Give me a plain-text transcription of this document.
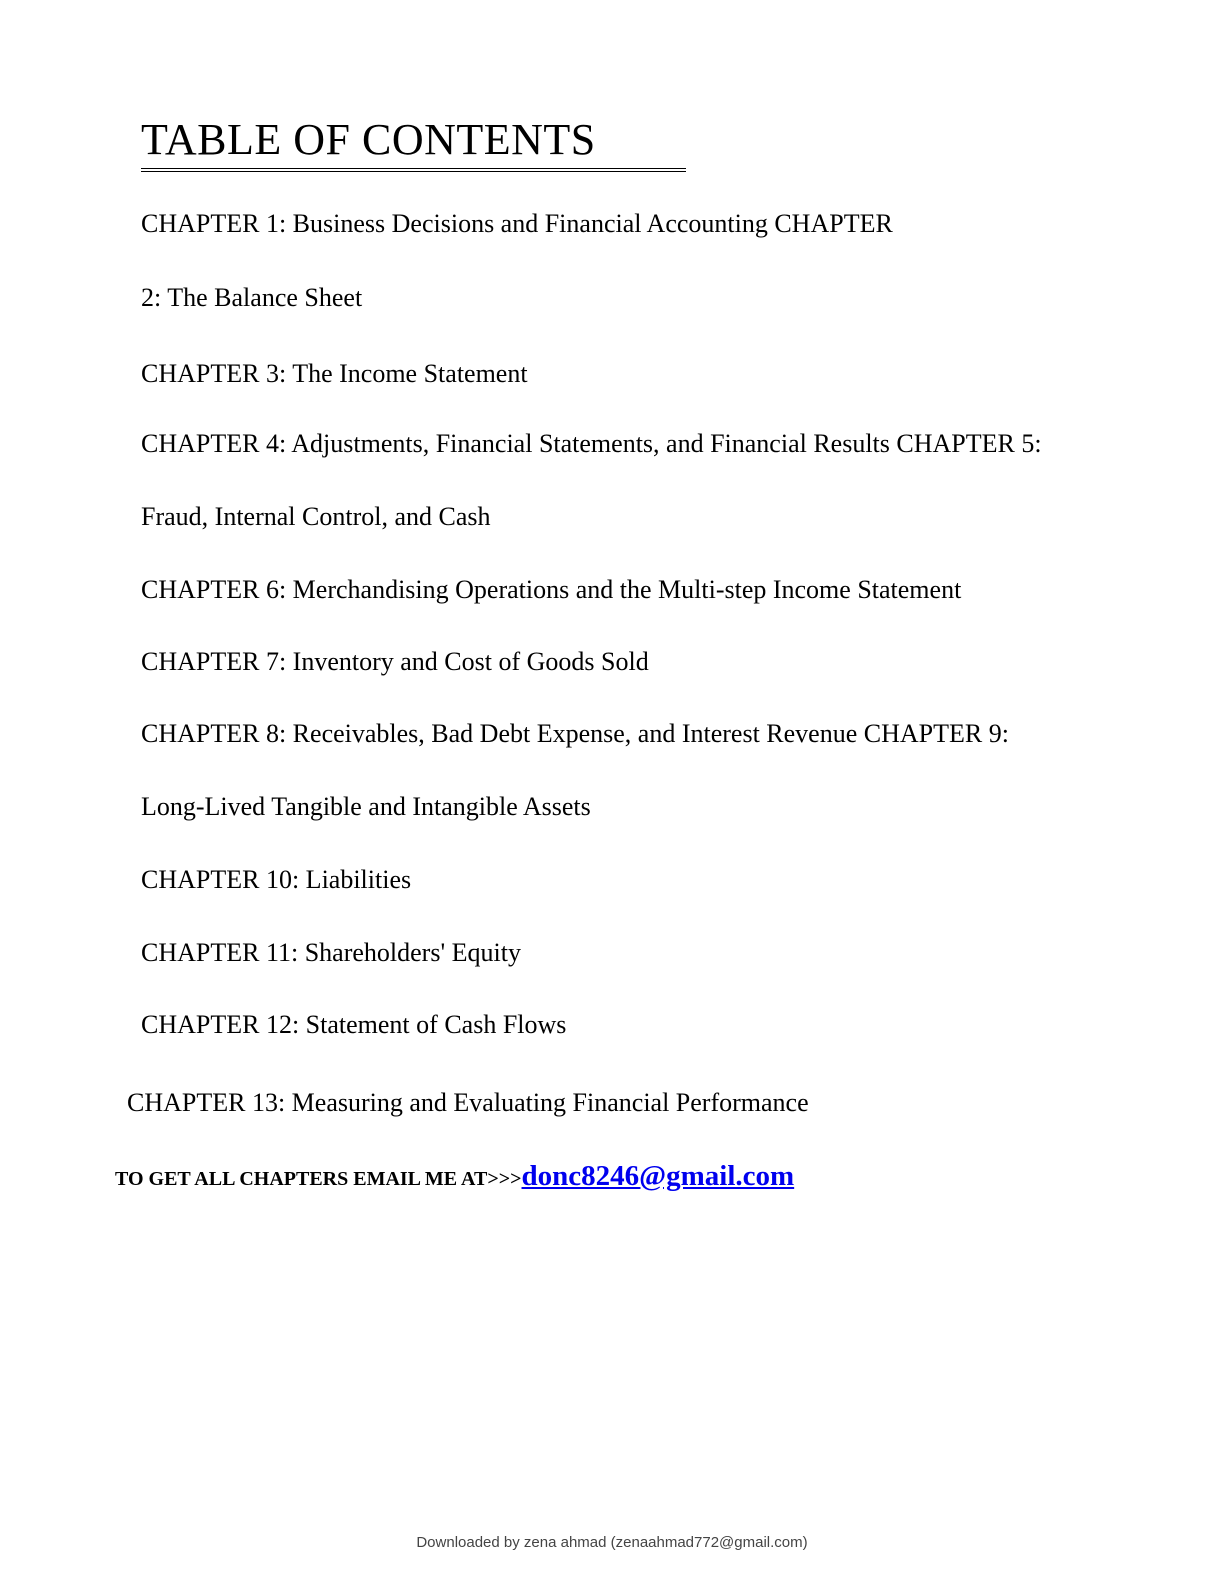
TABLE OF CONTENTS
CHAPTER 1: Business Decisions and Financial Accounting CHAPTER
2: The Balance Sheet
CHAPTER 3: The Income Statement
CHAPTER 4: Adjustments, Financial Statements, and Financial Results CHAPTER 5:
Fraud, Internal Control, and Cash
CHAPTER 6: Merchandising Operations and the Multi-step Income Statement
CHAPTER 7: Inventory and Cost of Goods Sold
CHAPTER 8: Receivables, Bad Debt Expense, and Interest Revenue CHAPTER 9:
Long-Lived Tangible and Intangible Assets
CHAPTER 10: Liabilities
CHAPTER 11: Shareholders' Equity
CHAPTER 12: Statement of Cash Flows
CHAPTER 13: Measuring and Evaluating Financial Performance
TO GET ALL CHAPTERS EMAIL ME AT>>>donc8246@gmail.com
Downloaded by zena ahmad (zenaahmad772@gmail.com)
